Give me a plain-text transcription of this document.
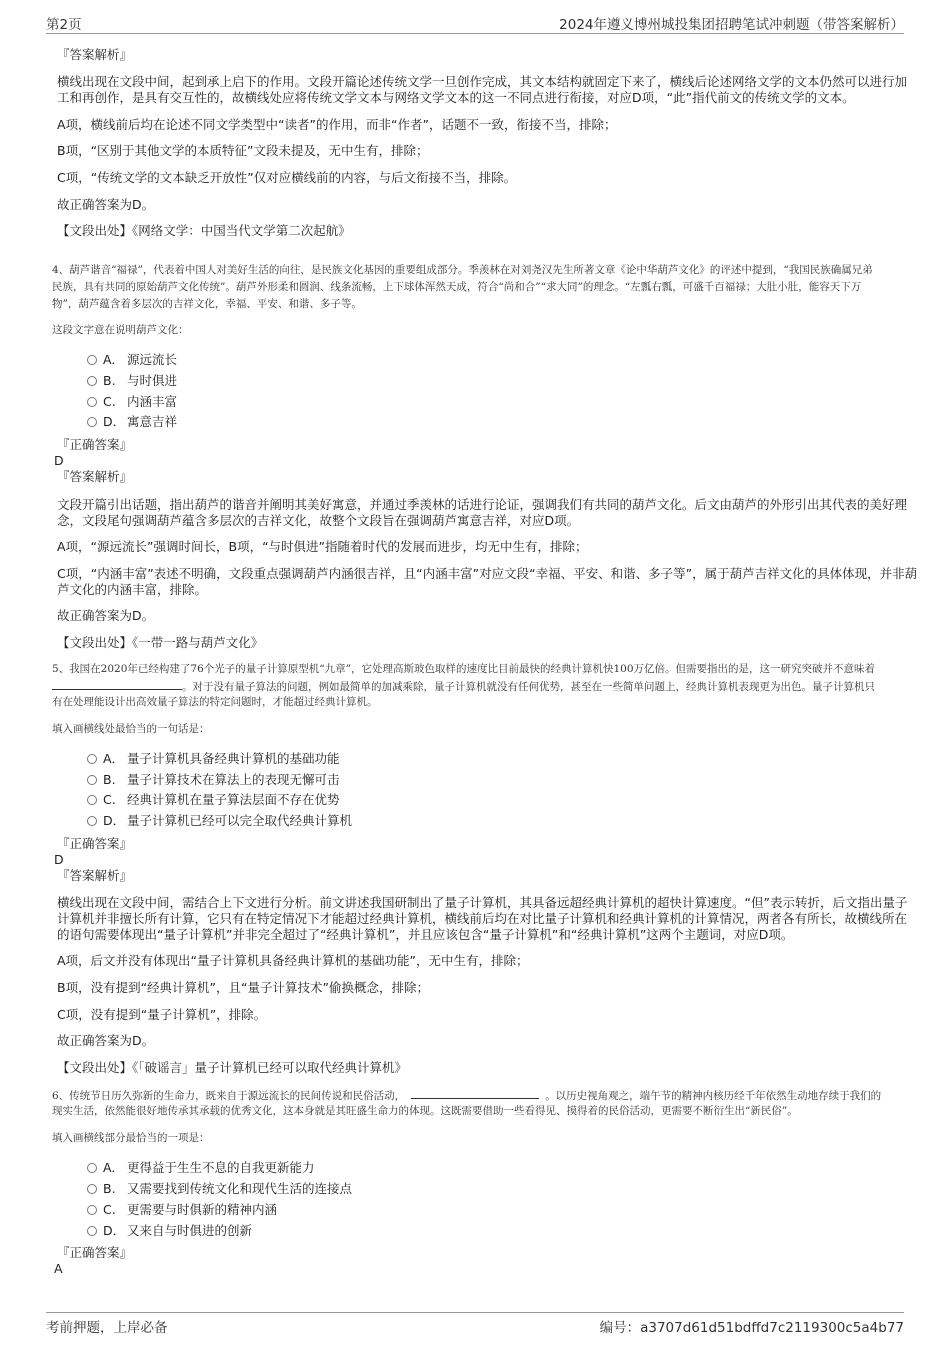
第2页	2024年遵义博州城投集团招聘笔试冲刺题（带答案解析）

『答案解析』

横线出现在文段中间，起到承上启下的作用。文段开篇论述传统文学一旦创作完成，其文本结构就固定下来了，横线后论述网络文学的文本仍然可以进行加

工和再创作，是具有交互性的，故横线处应将传统文学文本与网络文学文本的这一不同点进行衔接，对应D项，“此”指代前文的传统文学的文本。

A项，横线前后均在论述不同文学类型中“读者”的作用，而非“作者”，话题不一致，衔接不当，排除；

B项，“区别于其他文学的本质特征”文段未提及，无中生有，排除；

C项，“传统文学的文本缺乏开放性”仅对应横线前的内容，与后文衔接不当，排除。

故正确答案为D。

【文段出处】《网络文学：中国当代文学第二次起航》

4、葫芦谐音“福禄”，代表着中国人对美好生活的向往，是民族文化基因的重要组成部分。季羡林在对刘尧汉先生所著文章《论中华葫芦文化》的评述中提到，“我国民族确属兄弟

民族，具有共同的原始葫芦文化传统”。葫芦外形柔和圆润、线条流畅，上下球体浑然天成，符合“尚和合”“求大同”的理念。“左瓢右瓢，可盛千百福禄；大肚小肚，能容天下万

物”，葫芦蕴含着多层次的吉祥文化，幸福、平安、和谐、多子等。

这段文字意在说明葫芦文化：

A． 源远流长
B. 与时俱进
C. 内涵丰富
D． 寓意吉祥

『正确答案』

D

『答案解析』

文段开篇引出话题，指出葫芦的谐音并阐明其美好寓意，并通过季羡林的话进行论证，强调我们有共同的葫芦文化。后文由葫芦的外形引出其代表的美好理

念，文段尾句强调葫芦蕴含多层次的吉祥文化，故整个文段旨在强调葫芦寓意吉祥，对应D项。

A项，“源远流长”强调时间长，B项，“与时俱进”指随着时代的发展而进步，均无中生有，排除；

C项，“内涵丰富”表述不明确，文段重点强调葫芦内涵很吉祥，且“内涵丰富”对应文段“幸福、平安、和谐、多子等”，属于葫芦吉祥文化的具体体现，并非葫

芦文化的内涵丰富，排除。

故正确答案为D。

【文段出处】《一带一路与葫芦文化》

5、我国在2020年已经构建了76个光子的量子计算原型机“九章”，它处理高斯玻色取样的速度比目前最快的经典计算机快100万亿倍。但需要指出的是，这一研究突破并不意味着

。对于没有量子算法的问题，例如最简单的加减乘除，量子计算机就没有任何优势，甚至在一些简单问题上，经典计算机表现更为出色。量子计算机只

有在处理能设计出高效量子算法的特定问题时，才能超过经典计算机。

填入画横线处最恰当的一句话是：

A． 量子计算机具备经典计算机的基础功能
B. 量子计算技术在算法上的表现无懈可击
C. 经典计算机在量子算法层面不存在优势
D． 量子计算机已经可以完全取代经典计算机

『正确答案』

D

『答案解析』

横线出现在文段中间，需结合上下文进行分析。前文讲述我国研制出了量子计算机，其具备远超经典计算机的超快计算速度。“但”表示转折，后文指出量子

计算机并非擅长所有计算，它只有在特定情况下才能超过经典计算机，横线前后均在对比量子计算机和经典计算机的计算情况，两者各有所长，故横线所在

的语句需要体现出“量子计算机”并非完全超过了“经典计算机”，并且应该包含“量子计算机”和“经典计算机”这两个主题词，对应D项。

A项，后文并没有体现出“量子计算机具备经典计算机的基础功能”，无中生有，排除；

B项，没有提到“经典计算机”，且“量子计算技术”偷换概念，排除；

C项，没有提到“量子计算机”，排除。

故正确答案为D。

【文段出处】《「破谣言」量子计算机已经可以取代经典计算机》

6、传统节日历久弥新的生命力，既来自于源远流长的民间传说和民俗活动，	。以历史视角观之，端午节的精神内核历经千年依然生动地存续于我们的

现实生活，依然能很好地传承其承载的优秀文化，这本身就是其旺盛生命力的体现。这既需要借助一些看得见、摸得着的民俗活动，更需要不断衍生出“新民俗”。

填入画横线部分最恰当的一项是：

A． 更得益于生生不息的自我更新能力
B. 又需要找到传统文化和现代生活的连接点
C. 更需要与时俱新的精神内涵
D． 又来自与时俱进的创新

『正确答案』

A

考前押题，上岸必备	编号：a3707d61d51bdffd7c2119300c5a4b77
